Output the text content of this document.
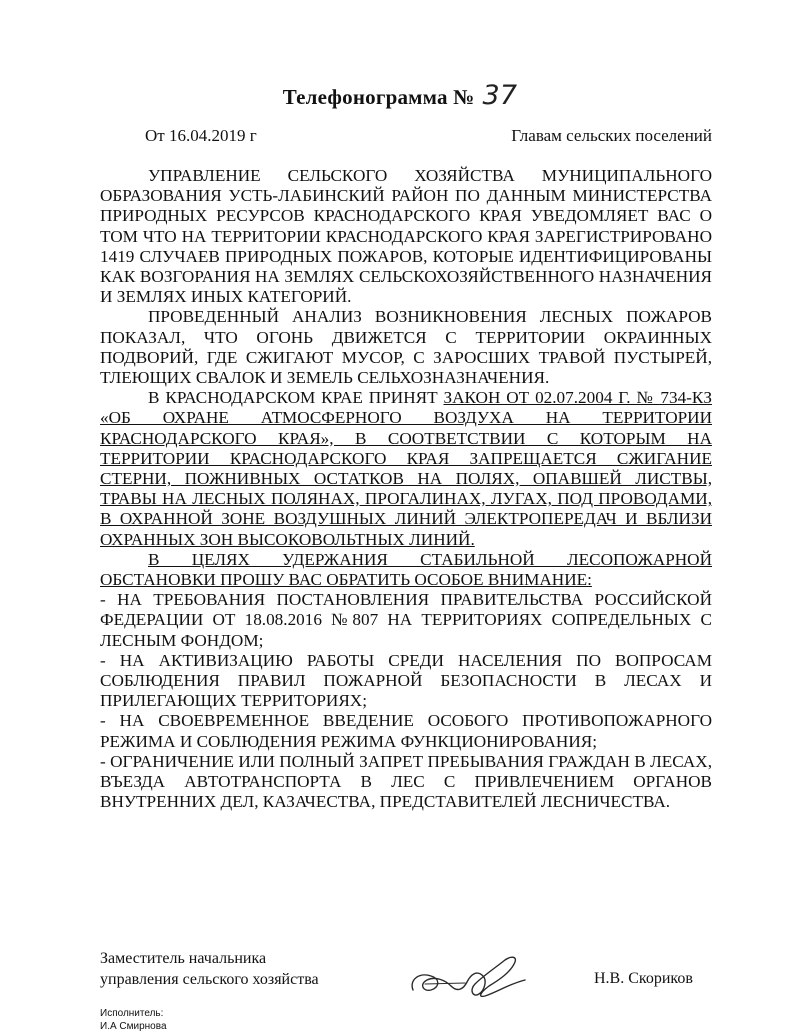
Телефонограмма № 37
От 16.04.2019 г	Главам сельских поселений

УПРАВЛЕНИЕ СЕЛЬСКОГО ХОЗЯЙСТВА МУНИЦИПАЛЬНОГО ОБРАЗОВАНИЯ УСТЬ-ЛАБИНСКИЙ РАЙОН ПО ДАННЫМ МИНИСТЕРСТВА ПРИРОДНЫХ РЕСУРСОВ КРАСНОДАРСКОГО КРАЯ УВЕДОМЛЯЕТ ВАС О ТОМ ЧТО НА ТЕРРИТОРИИ КРАСНОДАРСКОГО КРАЯ ЗАРЕГИСТРИРОВАНО 1419 СЛУЧАЕВ ПРИРОДНЫХ ПОЖАРОВ, КОТОРЫЕ ИДЕНТИФИЦИРОВАНЫ КАК ВОЗГОРАНИЯ НА ЗЕМЛЯХ СЕЛЬСКОХОЗЯЙСТВЕННОГО НАЗНАЧЕНИЯ И ЗЕМЛЯХ ИНЫХ КАТЕГОРИЙ.

ПРОВЕДЕННЫЙ АНАЛИЗ ВОЗНИКНОВЕНИЯ ЛЕСНЫХ ПОЖАРОВ ПОКАЗАЛ, ЧТО ОГОНЬ ДВИЖЕТСЯ С ТЕРРИТОРИИ ОКРАИННЫХ ПОДВОРИЙ, ГДЕ СЖИГАЮТ МУСОР, С ЗАРОСШИХ ТРАВОЙ ПУСТЫРЕЙ, ТЛЕЮЩИХ СВАЛОК И ЗЕМЕЛЬ СЕЛЬХОЗНАЗНАЧЕНИЯ.

В КРАСНОДАРСКОМ КРАЕ ПРИНЯТ ЗАКОН ОТ 02.07.2004 Г. № 734-КЗ «ОБ ОХРАНЕ АТМОСФЕРНОГО ВОЗДУХА НА ТЕРРИТОРИИ КРАСНОДАРСКОГО КРАЯ», В СООТВЕТСТВИИ С КОТОРЫМ НА ТЕРРИТОРИИ КРАСНОДАРСКОГО КРАЯ ЗАПРЕЩАЕТСЯ СЖИГАНИЕ СТЕРНИ, ПОЖНИВНЫХ ОСТАТКОВ НА ПОЛЯХ, ОПАВШЕЙ ЛИСТВЫ, ТРАВЫ НА ЛЕСНЫХ ПОЛЯНАХ, ПРОГАЛИНАХ, ЛУГАХ, ПОД ПРОВОДАМИ, В ОХРАННОЙ ЗОНЕ ВОЗДУШНЫХ ЛИНИЙ ЭЛЕКТРОПЕРЕДАЧ И ВБЛИЗИ ОХРАННЫХ ЗОН ВЫСОКОВОЛЬТНЫХ ЛИНИЙ.

В ЦЕЛЯХ УДЕРЖАНИЯ СТАБИЛЬНОЙ ЛЕСОПОЖАРНОЙ ОБСТАНОВКИ ПРОШУ ВАС ОБРАТИТЬ ОСОБОЕ ВНИМАНИЕ:

- НА ТРЕБОВАНИЯ ПОСТАНОВЛЕНИЯ ПРАВИТЕЛЬСТВА РОССИЙСКОЙ ФЕДЕРАЦИИ ОТ 18.08.2016 №807 НА ТЕРРИТОРИЯХ СОПРЕДЕЛЬНЫХ С ЛЕСНЫМ ФОНДОМ;

- НА АКТИВИЗАЦИЮ РАБОТЫ СРЕДИ НАСЕЛЕНИЯ ПО ВОПРОСАМ СОБЛЮДЕНИЯ ПРАВИЛ ПОЖАРНОЙ БЕЗОПАСНОСТИ В ЛЕСАХ И ПРИЛЕГАЮЩИХ ТЕРРИТОРИЯХ;

- НА СВОЕВРЕМЕННОЕ ВВЕДЕНИЕ ОСОБОГО ПРОТИВОПОЖАРНОГО РЕЖИМА И СОБЛЮДЕНИЯ РЕЖИМА ФУНКЦИОНИРОВАНИЯ;

- ОГРАНИЧЕНИЕ ИЛИ ПОЛНЫЙ ЗАПРЕТ ПРЕБЫВАНИЯ ГРАЖДАН В ЛЕСАХ, ВЪЕЗДА АВТОТРАНСПОРТА В ЛЕС С ПРИВЛЕЧЕНИЕМ ОРГАНОВ ВНУТРЕННИХ ДЕЛ, КАЗАЧЕСТВА, ПРЕДСТАВИТЕЛЕЙ ЛЕСНИЧЕСТВА.

Заместитель начальника
управления сельского хозяйства	Н.В. Скориков
Исполнитель:
И.А Смирнова
